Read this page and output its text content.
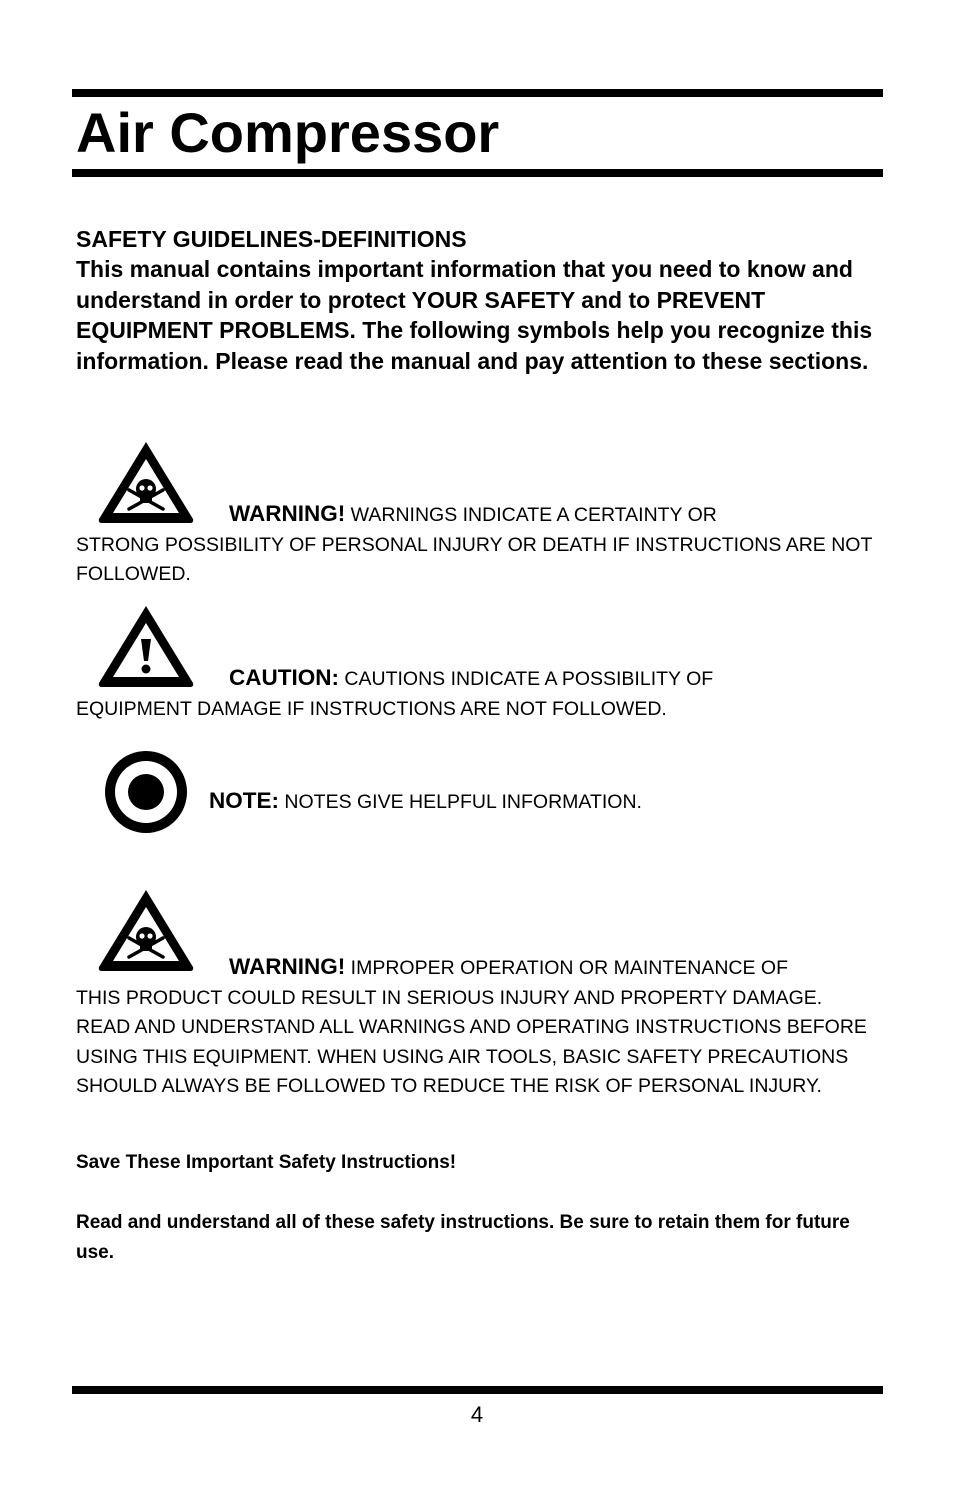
Air Compressor
SAFETY GUIDELINES-DEFINITIONS

This manual contains important information that you need to know and understand in order to protect YOUR SAFETY and to PREVENT EQUIPMENT PROBLEMS. The following symbols help you recognize this information. Please read the manual and pay attention to these sections.

WARNING! WARNINGS INDICATE A CERTAINTY OR
STRONG POSSIBILITY OF PERSONAL INJURY OR DEATH IF INSTRUCTIONS ARE NOT FOLLOWED.

CAUTION: CAUTIONS INDICATE A POSSIBILITY OF
EQUIPMENT DAMAGE IF INSTRUCTIONS ARE NOT FOLLOWED.

NOTE: NOTES GIVE HELPFUL INFORMATION.

WARNING! IMPROPER OPERATION OR MAINTENANCE OF
THIS PRODUCT COULD RESULT IN SERIOUS INJURY AND PROPERTY DAMAGE. READ AND UNDERSTAND ALL WARNINGS AND OPERATING INSTRUCTIONS BEFORE USING THIS EQUIPMENT. WHEN USING AIR TOOLS, BASIC SAFETY PRECAUTIONS SHOULD ALWAYS BE FOLLOWED TO REDUCE THE RISK OF PERSONAL INJURY.

Save These Important Safety Instructions!

Read and understand all of these safety instructions. Be sure to retain them for future use.

4
